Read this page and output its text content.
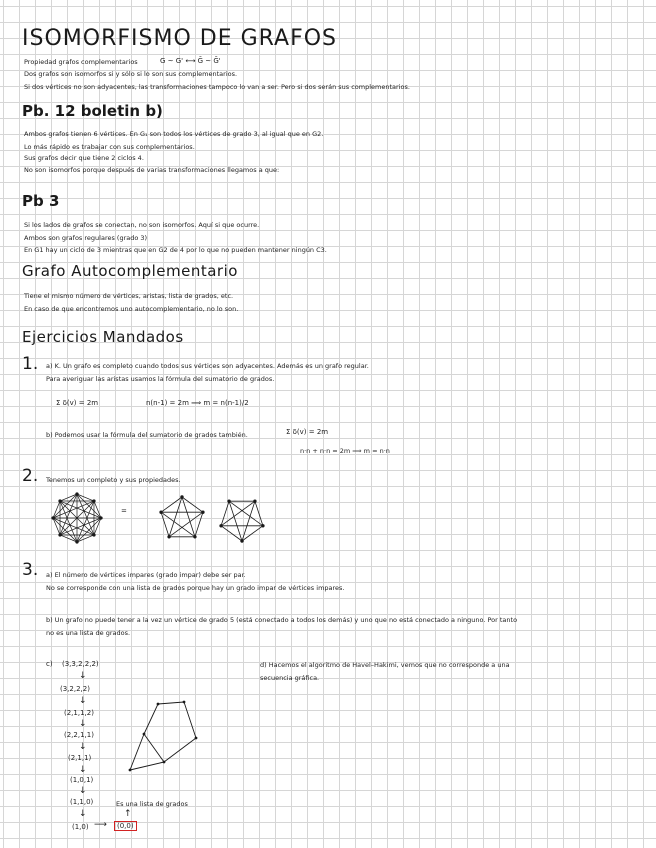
ISOMORFISMO DE GRAFOS
Propiedad grafos complementarios	G ~ G' ⟷ Ḡ ~ Ḡ'
Dos grafos son isomorfos si y sólo si lo son sus complementarios.
Si dos vértices no son adyacentes, las transformaciones tampoco lo van a ser. Pero si dos serán sus complementarios.
Pb. 12 boletin b)
Ambos grafos tienen 6 vértices. En G₁ son todos los vértices de grado 3, al igual que en G2.
Lo más rápido es trabajar con sus complementarios.
Sus grafos decir que tiene 2 ciclos 4.
No son isomorfos porque después de varias transformaciones llegamos a que:
Pb 3
Si los lados de grafos se conectan, no son isomorfos. Aquí si que ocurre.
Ambos son grafos regulares (grado 3)
En G1 hay un ciclo de 3 mientras que en G2 de 4 por lo que no pueden mantener ningún C3.
Grafo Autocomplementario
Tiene el mismo número de vértices, aristas, lista de grados, etc.
En caso de que encontremos uno autocomplementario, no lo son.
Ejercicios Mandados
1. a) K. Un grafo es completo cuando todos sus vértices son adyacentes. Además es un grafo regular.
Para averiguar las aristas usamos la fórmula del sumatorio de grados.
Σ δ(v) = 2m	n(n-1) = 2m ⟹ m = n(n-1)/2
b) Podemos usar la fórmula del sumatorio de grados también.	Σ δ(v) = 2m
n·n + n·n = 2m ⟹ m = n·n
2. Tenemos un completo y sus propiedades.
=
3. a) El número de vértices impares (grado impar) debe ser par.
No se corresponde con una lista de grados porque hay un grado impar de vértices impares.
b) Un grafo no puede tener a la vez un vértice de grado 5 (está conectado a todos los demás) y uno que no está conectado a ninguno. Por tanto
no es una lista de grados.
c) (3,3,2,2,2)
↓
(3,2,2,2)
↓
(2,1,1,2)
↓
(2,2,1,1)
↓
(2,1,1)
↓
(1,0,1)
↓
(1,1,0)	Es una lista de grados
↓
(1,0) ⟶
↑
(0,0)
d) Hacemos el algoritmo de Havel–Hakimi, vemos que no corresponde a una
secuencia gráfica.
